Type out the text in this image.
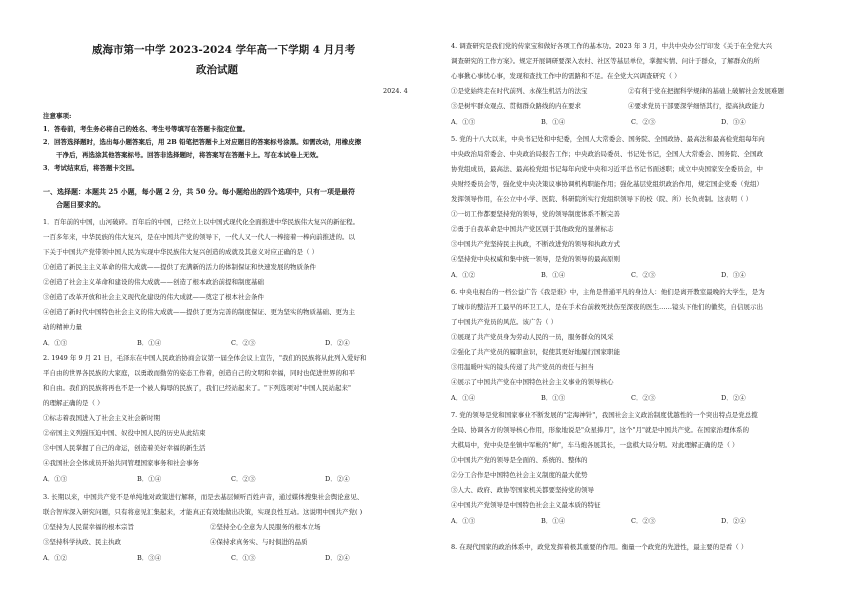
威海市第一中学 2023-2024 学年高一下学期 4 月月考
政治试题
2024. 4
注意事项:
1．答卷前，考生务必将自己的姓名、考生号等填写在答题卡指定位置。
2．回答选择题时，选出每小题答案后，用 2B 铅笔把答题卡上对应题目的答案标号涂黑。如需改动，用橡皮擦
干净后，再选涂其他答案标号。回答非选择题时，将答案写在答题卡上。写在本试卷上无效。
3．考试结束后，将答题卡交回。
一、选择题：本题共 25 小题，每小题 2 分，共 50 分。每小题给出的四个选项中，只有一项是最符
合题目要求的。
1．百年前的中国，山河破碎。百年后的中国，已经立上以中国式现代化全面推进中华民族伟大复兴的新征程。
一百多年来，中华民族的伟大复兴，是在中国共产党的领导下，一代人又一代人一棒接着一棒向前推进的。以
下关于中国共产党带领中国人民为实现中华民族伟大复兴创造的成就及其意义对应正确的是（ ）
①创造了新民主主义革命的伟大成就——提供了充满新的活力的体制保证和快速发展的物质条件
②创造了社会主义革命和建设的伟大成就——创造了根本政治前提和制度基础
③创造了改革开放和社会主义现代化建设的伟大成就——奠定了根本社会条件
④创造了新时代中国特色社会主义的伟大成就——提供了更为完善的制度保证、更为坚实的物质基础、更为主
动的精神力量
A．①③	B．①④	C．②③	D．②④
2. 1949 年 9 月 21 日，毛泽东在中国人民政治协商会议第一届全体会议上宣告，"我们的民族将从此列入爱好和
平自由的世界各民族的大家庭，以勇敢而勤劳的姿态工作着，创造自己的文明和幸福，同时也促进世界的和平
和自由。我们的民族将再也不是一个被人侮辱的民族了，我们已经站起来了。"下列选项对"中国人民站起来"
的理解正确的是（ ）
①标志着我国进入了社会主义社会新时期
②帝国主义列强压迫中国、奴役中国人民的历史从此结束
③中国人民掌握了自己的命运，创造着美好幸福的新生活
④我国社会全体成员开始共同管理国家事务和社会事务
A．①③	B．①④	C．②③	D．②④
3. 长期以来，中国共产党不是单纯地对政策进行解释，而是去基层倾听百姓声音，通过媒体搜集社会舆论意见、
联合智库深入研究问题，只有将意见汇集起来，才能真正有效地做出决策，实现良性互动。这说明中国共产党( )
①坚持为人民谋幸福的根本宗旨	②坚持全心全意为人民服务的根本立场
③坚持科学执政、民主执政	④保持求真务实、与时俱进的品质
A．①②	B．③④	C．①③	D．②④
4. 调查研究是我们党的传家宝和做好各项工作的基本功。2023 年 3 月，中共中央办公厅印发《关于在全党大兴
调查研究的工作方案》。规定开展调研要深入农村、社区等基层单位，掌握实情、问计于群众，了解群众的所
心事揪心事忧心事，发现和查找工作中的需路和不足。在全党大兴调查研究（ ）
①是党始终走在时代前列、永葆生机活力的法宝	②有利于党在把握科学规律的基础上破解社会发展难题
③是树牢群众观点、贯彻群众路线的内在要求	④要求党员干部要深学细悟其行，提高执政能力
A．①③	B．①④	C．②③	D．③④
5. 党的十八大以来，中央书记处和中纪委，全国人大常委会、国务院、全国政协、最高法和最高检党组每年向
中央政治局常委会、中央政治局报告工作；中央政治局委员、书记处书记，全国人大常委会、国务院、全国政
协党组成员，最高法、最高检党组书记每年向党中央和习近平总书记书面述职；成立中央国家安全委员会，中
央财经委员会等，强化党中央决策议事协调机构职能作用；强化基层党组织政治作用，规定国企党委（党组）
发挥领导作用，在公立中小学、医院、科研院所实行党组织领导下的校（院、所）长负责制。这表明（ ）
①一切工作都要坚持党的领导，党的领导制度体系不断完善
②勇于自我革命是中国共产党区别于其他政党的显著标志
③中国共产党坚持民主执政，不断改进党的领导和执政方式
④坚持党中央权威和集中统一领导，是党的领导的最高原则
A．①②	B．①④	C．②③	D．③④
6. 中央电视台的一档公益广告《我是谁》中，主角是普通平凡的身边人：他们是离开教室最晚的大学生，是为
了城市的整洁开工最早的环卫工人，是在手术台前救死扶伤至深夜的医生……镜头下他们的徽奖，自信展示出
了中国共产党员的风范。该广告（ ）
①展现了共产党员身为劳动人民的一员，服务群众的风采
②强化了共产党员的履职意识，促使其更好地履行国家职能
③用温暖叶实的镜头传递了共产党员的责任与担当
④展示了中国共产党在中国特色社会主义事业的领导核心
A．①④	B．①③	C．②③	D．②④
7. 党的领导是党和国家事业不断发展的"定海神针"，我国社会主义政治制度优越性的一个突出特点是党总揽
全局、协调各方的领导核心作用，形象地说是"众星捧月"，这个"月"就是中国共产党。在国家治理体系的
大棋局中，党中央是坐镇中军帐的"帅"，车马炮各展其长，一盘棋大局分明。对此理解正确的是（ ）
①中国共产党的领导是全面的、系统的、整体的
②分工合作是中国特色社会主义制度的最大优势
③人大、政府、政协等国家机关都要坚持党的领导
④中国共产党领导是中国特色社会主义最本质的特征
A．①③	B．①④	C．②③	D．②④
8. 在现代国家的政治体系中，政党发挥着极其重要的作用。衡量一个政党的先进性，最主要的是看（ ）
